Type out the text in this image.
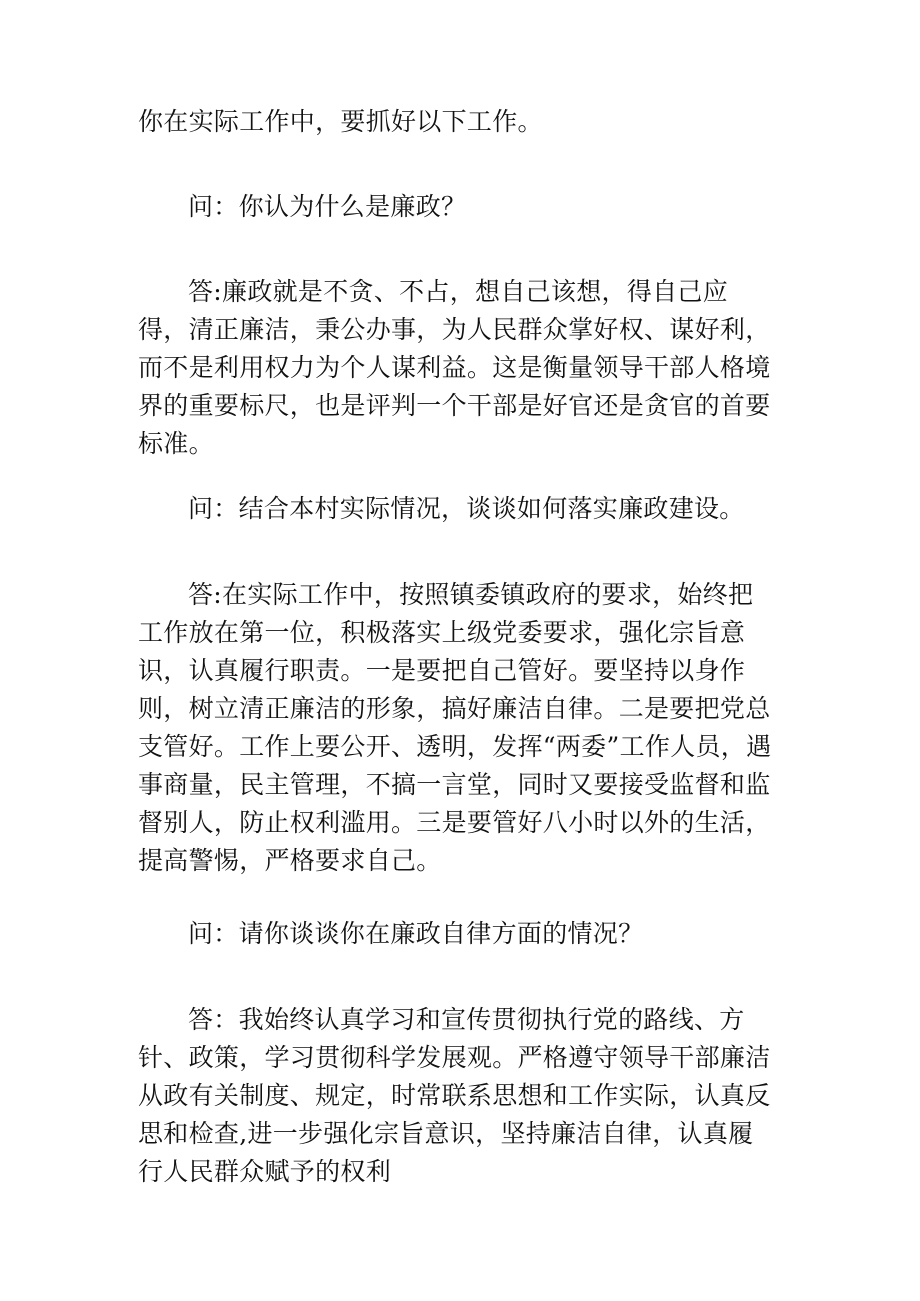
你在实际工作中，要抓好以下工作。

问：你认为什么是廉政？

答:廉政就是不贪、不占，想自己该想，得自己应得，清正廉洁，秉公办事，为人民群众掌好权、谋好利，而不是利用权力为个人谋利益。这是衡量领导干部人格境界的重要标尺，也是评判一个干部是好官还是贪官的首要标准。

问：结合本村实际情况，谈谈如何落实廉政建设。

答:在实际工作中，按照镇委镇政府的要求，始终把工作放在第一位，积极落实上级党委要求，强化宗旨意识，认真履行职责。一是要把自己管好。要坚持以身作则，树立清正廉洁的形象，搞好廉洁自律。二是要把党总支管好。工作上要公开、透明，发挥“两委”工作人员，遇事商量，民主管理，不搞一言堂，同时又要接受监督和监督别人，防止权利滥用。三是要管好八小时以外的生活，提高警惕，严格要求自己。

问：请你谈谈你在廉政自律方面的情况？

答：我始终认真学习和宣传贯彻执行党的路线、方针、政策，学习贯彻科学发展观。严格遵守领导干部廉洁从政有关制度、规定，时常联系思想和工作实际，认真反思和检查,进一步强化宗旨意识，坚持廉洁自律，认真履行人民群众赋予的权利
